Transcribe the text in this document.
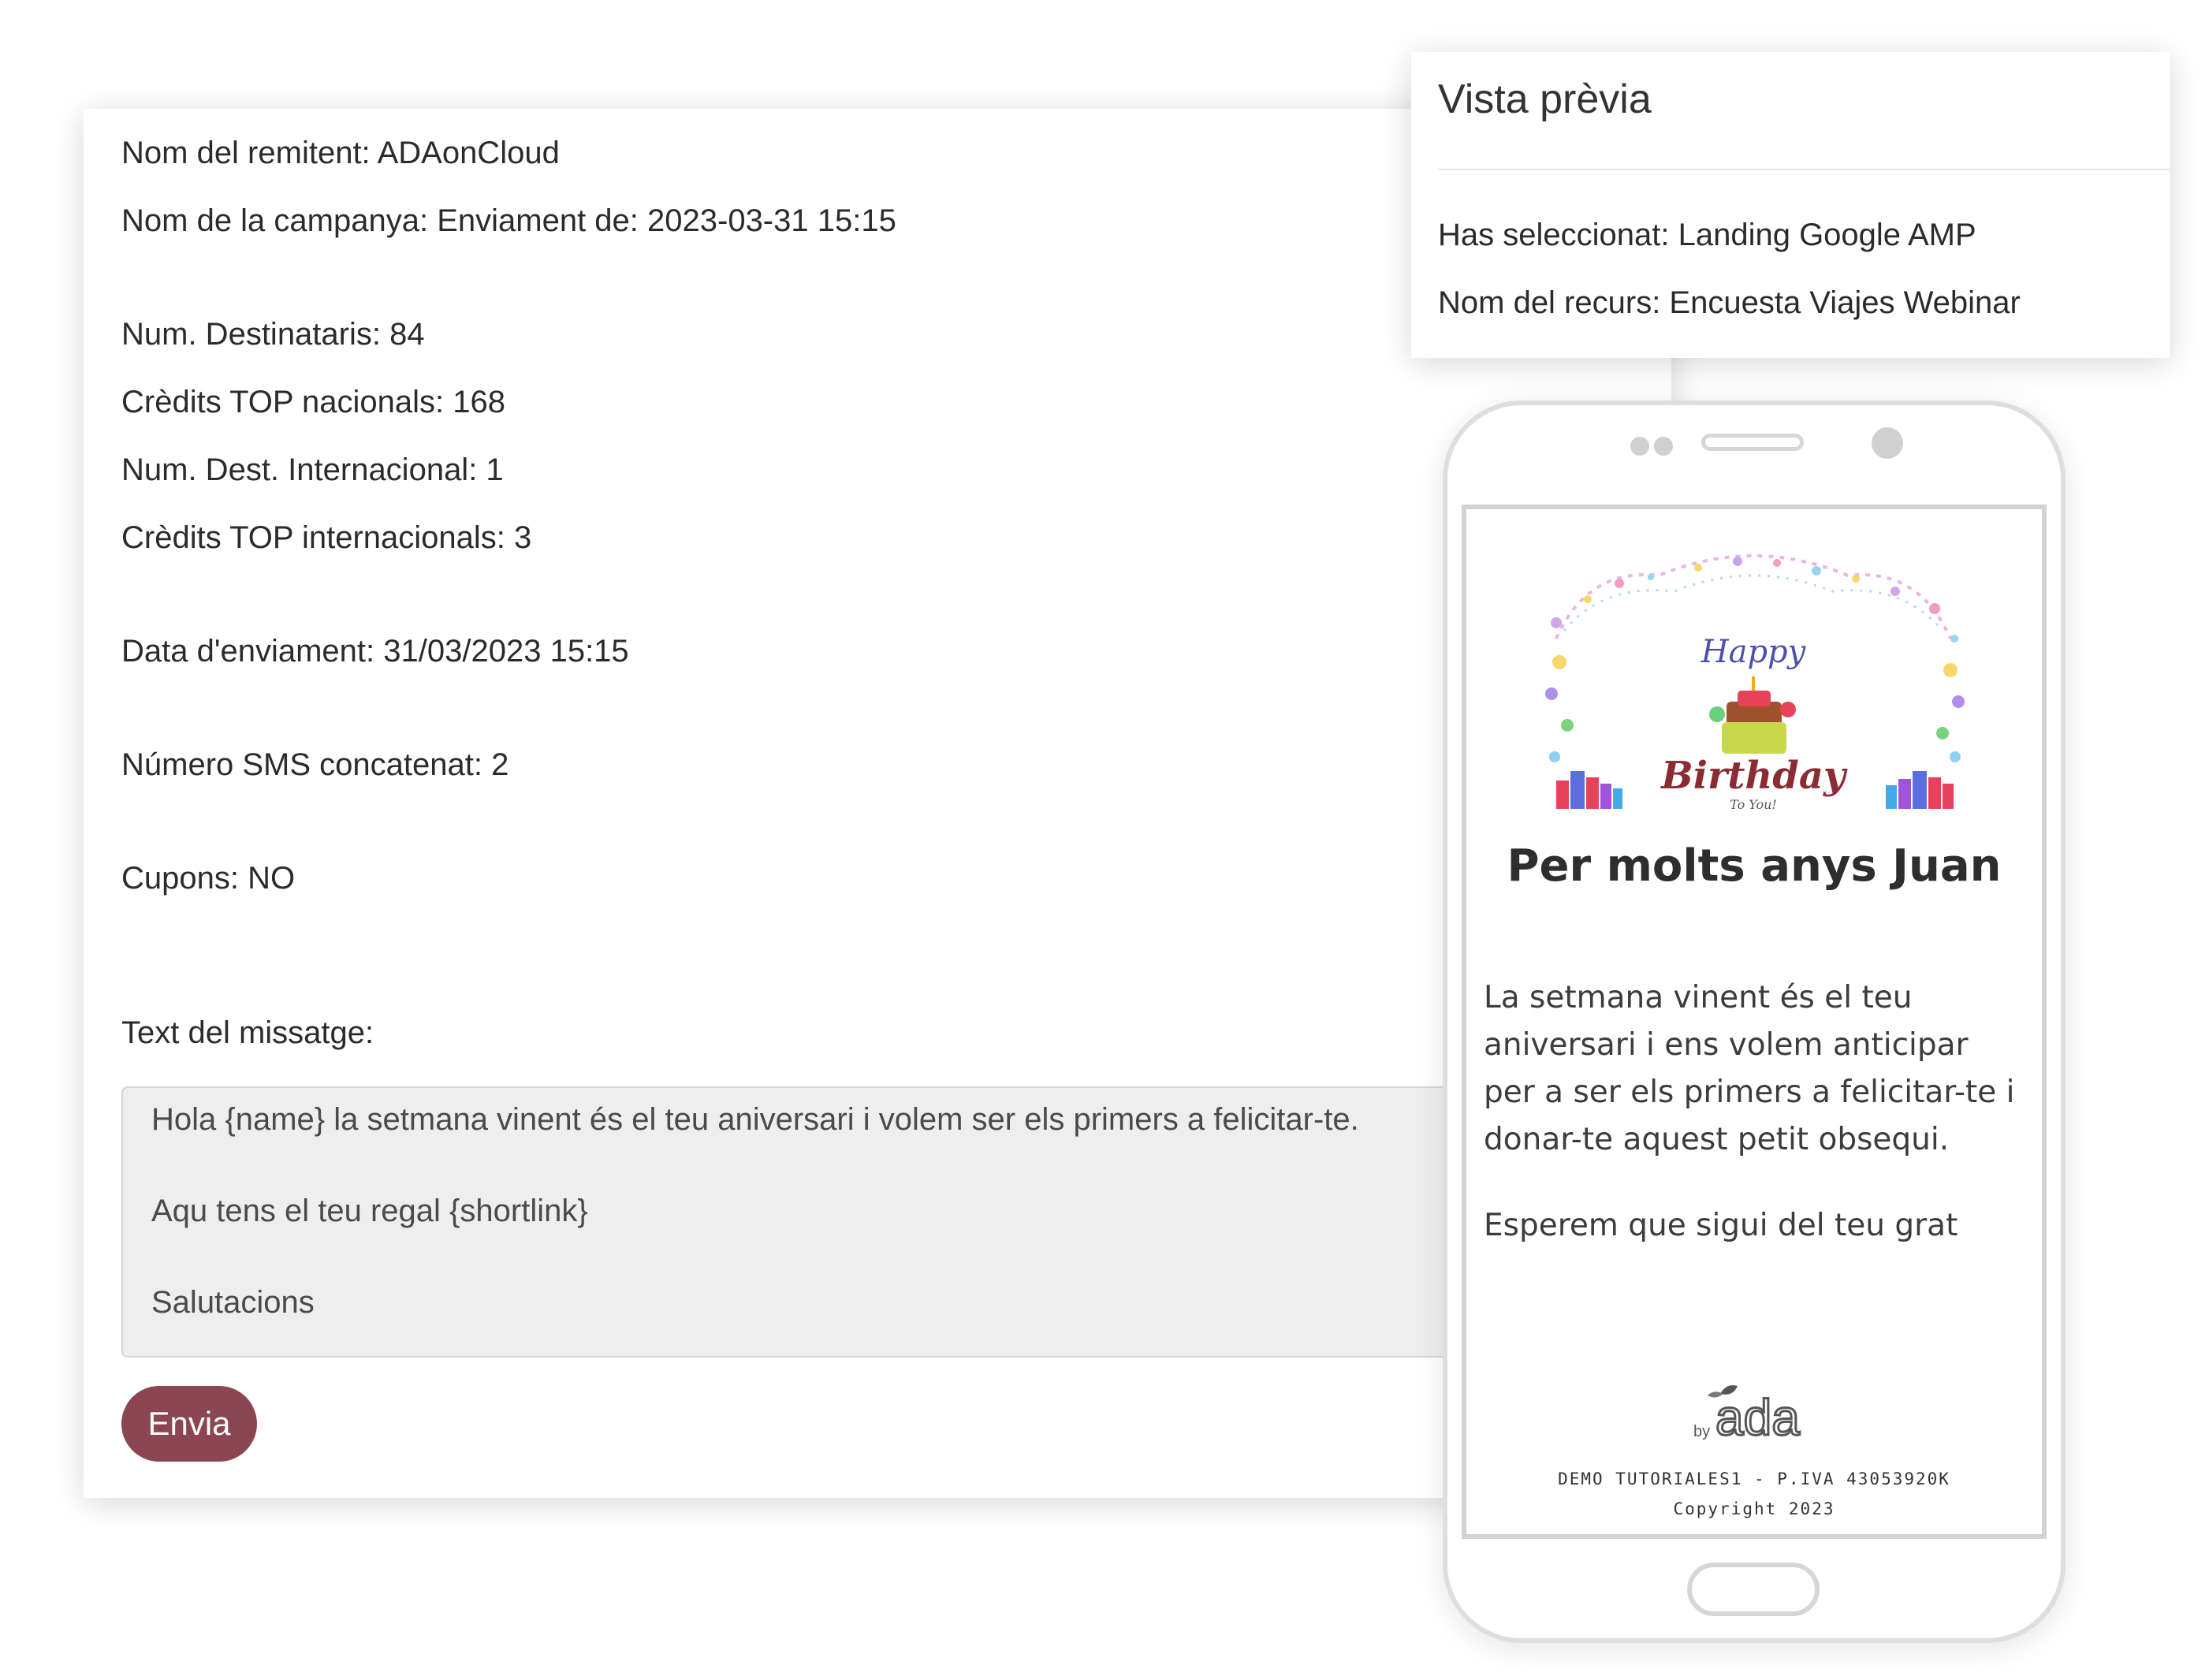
Nom del remitent: ADAonCloud
Nom de la campanya: Enviament de: 2023-03-31 15:15
Num. Destinataris: 84
Crèdits TOP nacionals: 168
Num. Dest. Internacional: 1
Crèdits TOP internacionals: 3
Data d'enviament: 31/03/2023 15:15
Número SMS concatenat: 2
Cupons: NO
Text del missatge:
Hola {name} la setmana vinent és el teu aniversari i volem ser els primers a felicitar-te.
Aqu tens el teu regal {shortlink}
Salutacions
Envia
Vista prèvia
Has seleccionat: Landing Google AMP
Nom del recurs: Encuesta Viajes Webinar
Happy
Birthday
To You!
Per molts anys Juan

La setmana vinent és el teu aniversari i ens volem anticipar per a ser els primers a felicitar-te i donar-te aquest petit obsequi.

Esperem que sigui del teu grat
by ada
DEMO TUTORIALES1 - P.IVA 43053920K
Copyright 2023
